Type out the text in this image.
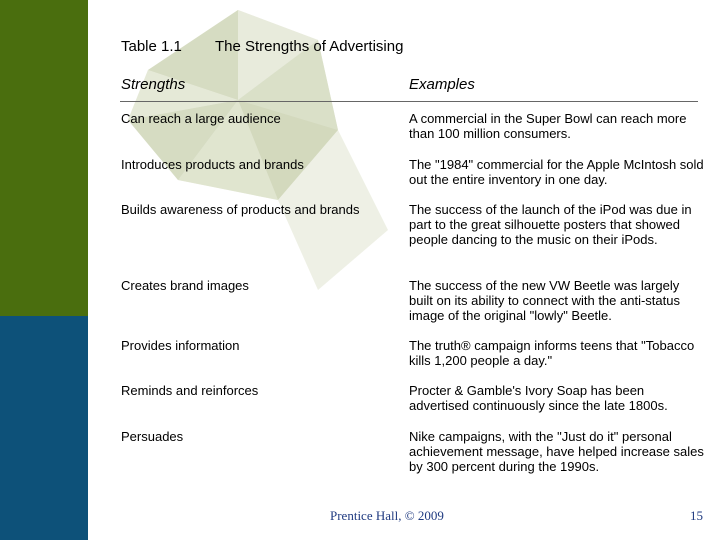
Table 1.1 The Strengths of Advertising
Strengths	Examples
Can reach a large audience	A commercial in the Super Bowl can reach more than 100 million consumers.
Introduces products and brands	The "1984" commercial for the Apple McIntosh sold out the entire inventory in one day.
Builds awareness of products and brands	The success of the launch of the iPod was due in part to the great silhouette posters that showed people dancing to the music on their iPods.
Creates brand images	The success of the new VW Beetle was largely built on its ability to connect with the anti-status image of the original "lowly" Beetle.
Provides information	The truth® campaign informs teens that "Tobacco kills 1,200 people a day."
Reminds and reinforces	Procter & Gamble's Ivory Soap has been advertised continuously since the late 1800s.
Persuades	Nike campaigns, with the "Just do it" personal achievement message, have helped increase sales by 300 percent during the 1990s.
Prentice Hall, © 2009	15
